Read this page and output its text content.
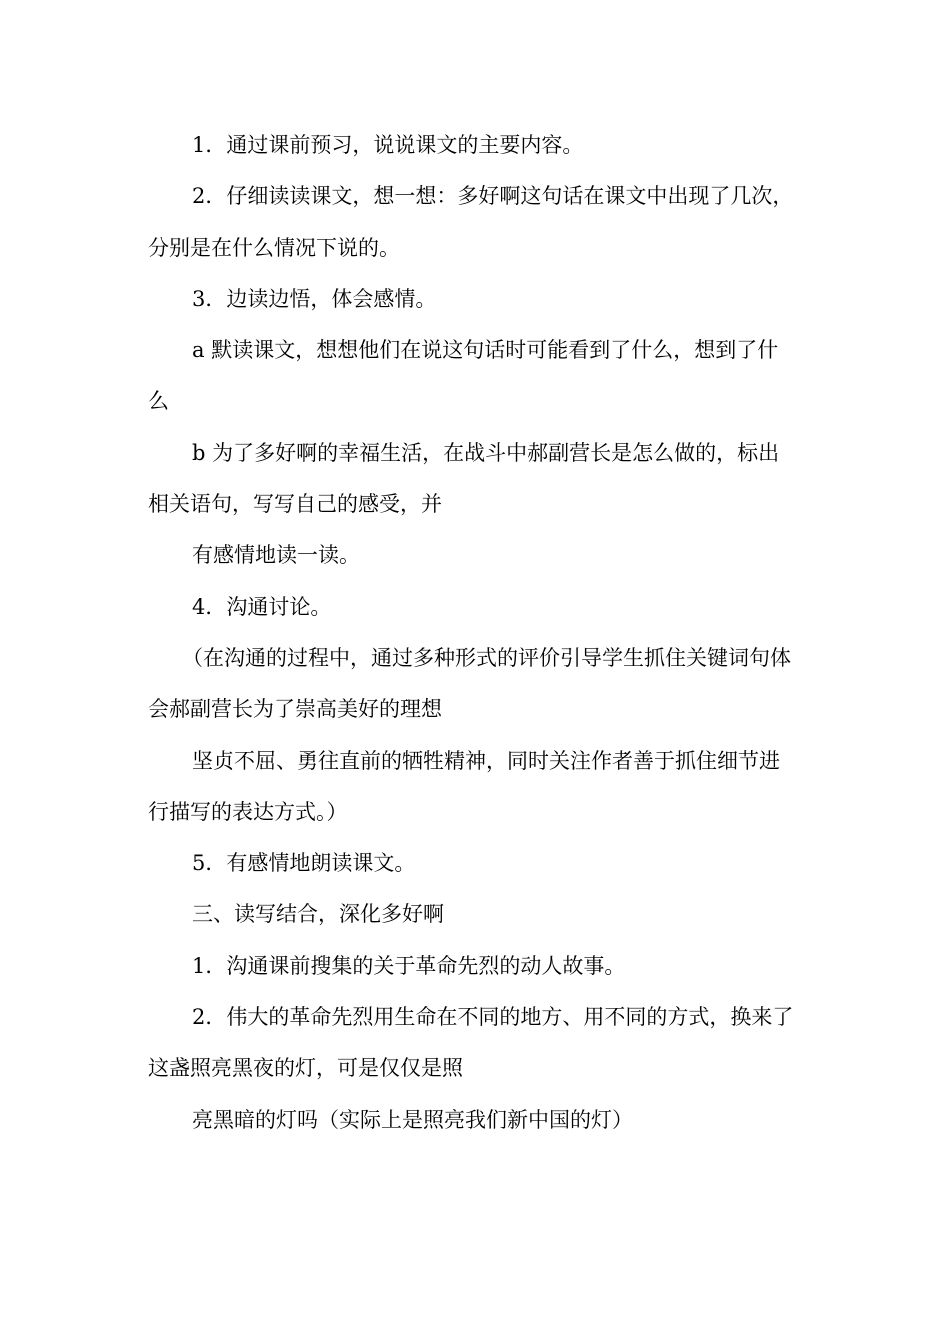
1．通过课前预习，说说课文的主要内容。

2．仔细读读课文，想一想：多好啊这句话在课文中出现了几次，分别是在什么情况下说的。

3．边读边悟，体会感情。

a 默读课文，想想他们在说这句话时可能看到了什么，想到了什么

b 为了多好啊的幸福生活，在战斗中郝副营长是怎么做的，标出相关语句，写写自己的感受，并

有感情地读一读。

4．沟通讨论。

（在沟通的过程中，通过多种形式的评价引导学生抓住关键词句体会郝副营长为了崇高美好的理想

坚贞不屈、勇往直前的牺牲精神，同时关注作者善于抓住细节进行描写的表达方式。）

5．有感情地朗读课文。

三、读写结合，深化多好啊

1．沟通课前搜集的关于革命先烈的动人故事。

2．伟大的革命先烈用生命在不同的地方、用不同的方式，换来了这盏照亮黑夜的灯，可是仅仅是照

亮黑暗的灯吗（实际上是照亮我们新中国的灯）
